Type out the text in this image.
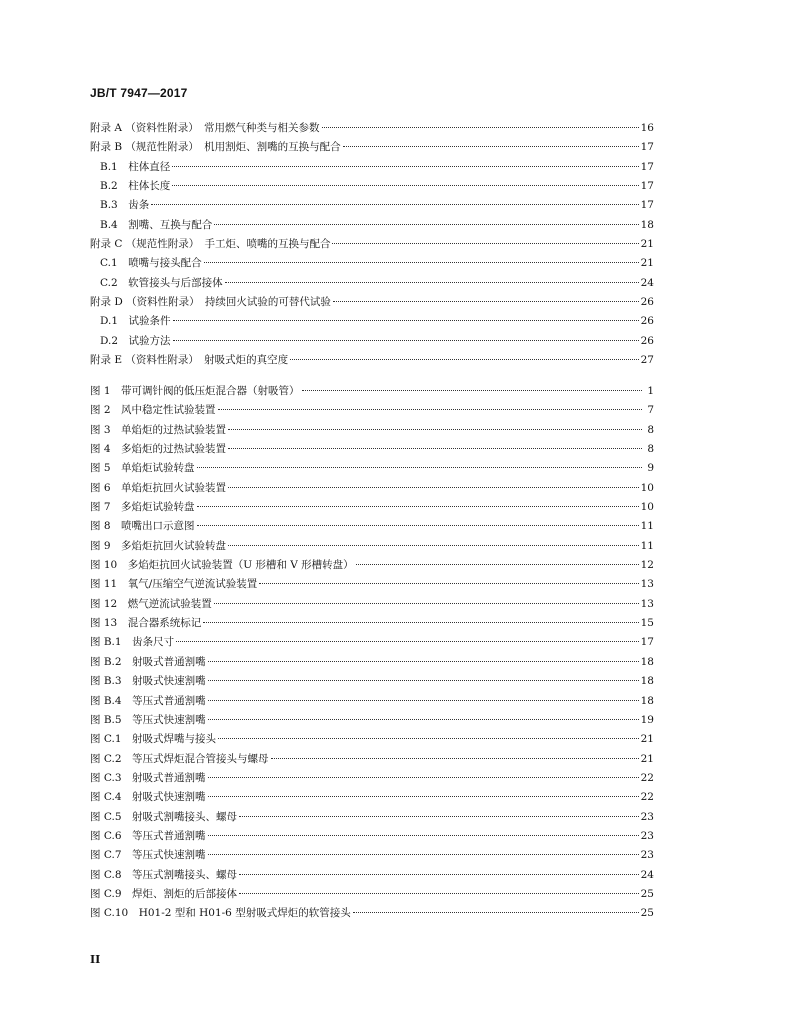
JB/T 7947—2017
附录 A （资料性附录）　常用燃气种类与相关参数	16
附录 B （规范性附录）　机用割炬、割嘴的互换与配合	17
B.1　柱体直径	17
B.2　柱体长度	17
B.3　齿条	17
B.4　割嘴、互换与配合	18
附录 C （规范性附录）　手工炬、喷嘴的互换与配合	21
C.1　喷嘴与接头配合	21
C.2　软管接头与后部接体	24
附录 D （资料性附录）　持续回火试验的可替代试验	26
D.1　试验条件	26
D.2　试验方法	26
附录 E （资料性附录）　射吸式炬的真空度	27
图 1　带可调针阀的低压炬混合器（射吸管）	1
图 2　风中稳定性试验装置	7
图 3　单焰炬的过热试验装置	8
图 4　多焰炬的过热试验装置	8
图 5　单焰炬试验转盘	9
图 6　单焰炬抗回火试验装置	10
图 7　多焰炬试验转盘	10
图 8　喷嘴出口示意图	11
图 9　多焰炬抗回火试验转盘	11
图 10　多焰炬抗回火试验装置（U 形槽和 V 形槽转盘）	12
图 11　氧气/压缩空气逆流试验装置	13
图 12　燃气逆流试验装置	13
图 13　混合器系统标记	15
图 B.1　齿条尺寸	17
图 B.2　射吸式普通割嘴	18
图 B.3　射吸式快速割嘴	18
图 B.4　等压式普通割嘴	18
图 B.5　等压式快速割嘴	19
图 C.1　射吸式焊嘴与接头	21
图 C.2　等压式焊炬混合管接头与螺母	21
图 C.3　射吸式普通割嘴	22
图 C.4　射吸式快速割嘴	22
图 C.5　射吸式割嘴接头、螺母	23
图 C.6　等压式普通割嘴	23
图 C.7　等压式快速割嘴	23
图 C.8　等压式割嘴接头、螺母	24
图 C.9　焊炬、割炬的后部接体	25
图 C.10　H01-2 型和 H01-6 型射吸式焊炬的软管接头	25
II
